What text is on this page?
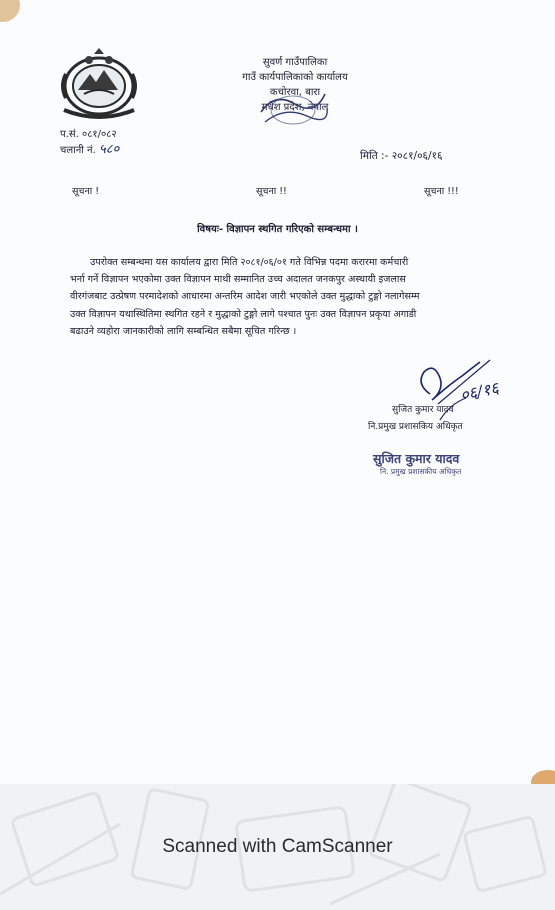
सुवर्ण गाउँपालिका
गाउँ कार्यपालिकाको कार्यालय
कचोरवा, बारा
मधेश प्रदेश, नेपाल
प.सं. ०८१/०८२
चलानी नं. ५८०	मिति :- २०८१/०६/१६
सूचना !	सूचना !!	सूचना !!!
विषयः- विज्ञापन स्थगित गरिएको सम्बन्धमा ।
उपरोक्त सम्बन्धमा यस कार्यालय द्वारा मिति २०८१/०६/०१ गते विभिन्न पदमा करारमा कर्मचारी
भर्ना गर्ने विज्ञापन भएकोमा उक्त विज्ञापन माथी सम्मानित उच्च अदालत जनकपुर अस्थायी इजलास
वीरगंजबाट उत्प्रेषण परमादेशको आधारमा अन्तरिम आदेश जारी भएकोले उक्त मुद्धाको टुङ्गो नलागेसम्म
उक्त विज्ञापन यथास्थितिमा स्थगित रहने र मुद्धाको टुङ्गो लागे पश्चात पुनः उक्त विज्ञापन प्रकृया अगाडी
बढाउने व्यहोरा जानकारीको लागि सम्बन्धित सबैमा सूचित गरिन्छ ।
०६/१६
सुजित कुमार यादव
नि.प्रमुख प्रशासकिय अधिकृत
सुजित कुमार यादव
नि. प्रमुख प्रशासकीय अधिकृत
Scanned with CamScanner
